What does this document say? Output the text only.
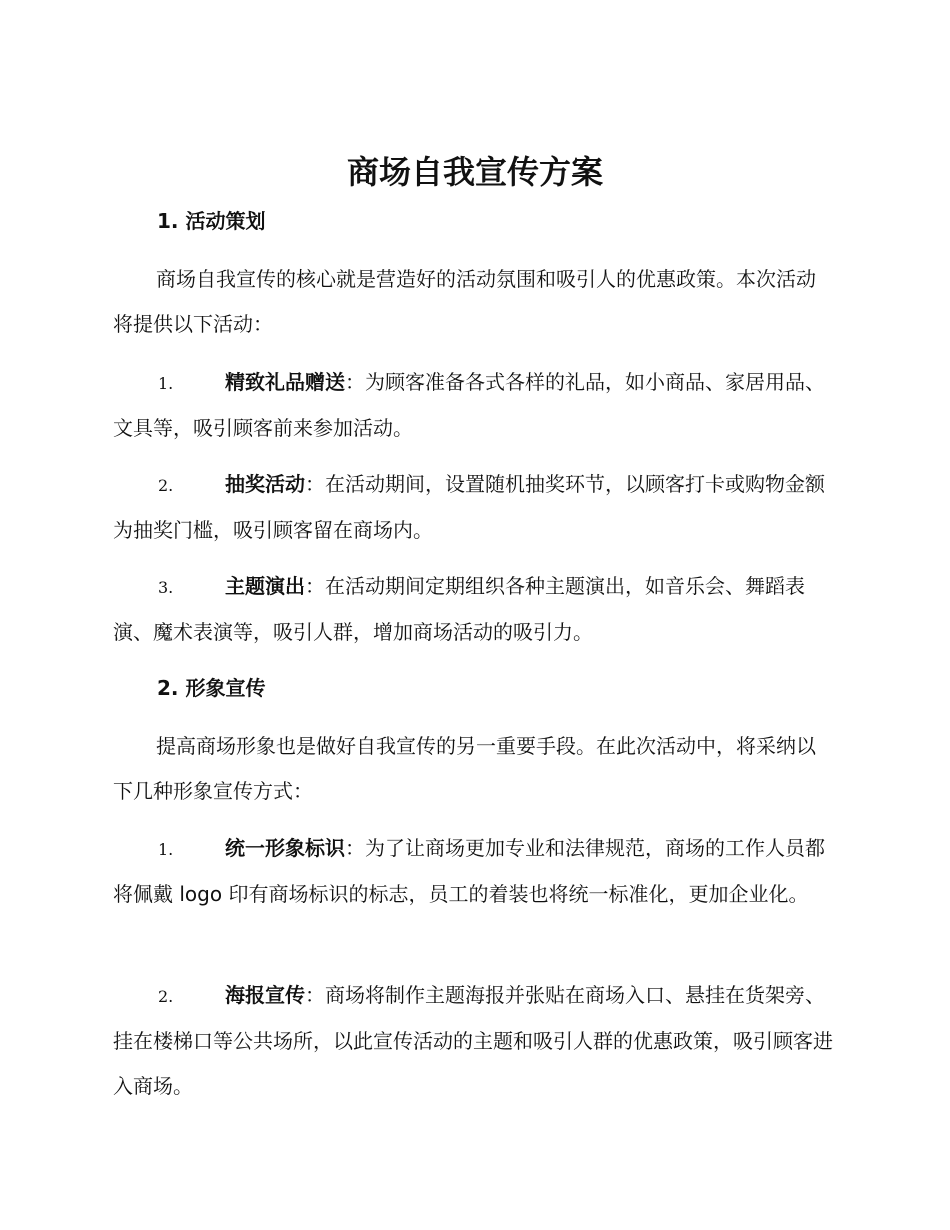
商场自我宣传方案
1. 活动策划

商场自我宣传的核心就是营造好的活动氛围和吸引人的优惠政策。本次活动将提供以下活动：

1.	精致礼品赠送：为顾客准备各式各样的礼品，如小商品、家居用品、文具等，吸引顾客前来参加活动。

2.	抽奖活动：在活动期间，设置随机抽奖环节，以顾客打卡或购物金额为抽奖门槛，吸引顾客留在商场内。

3.	主题演出：在活动期间定期组织各种主题演出，如音乐会、舞蹈表演、魔术表演等，吸引人群，增加商场活动的吸引力。

2. 形象宣传

提高商场形象也是做好自我宣传的另一重要手段。在此次活动中，将采纳以下几种形象宣传方式：

1.	统一形象标识：为了让商场更加专业和法律规范，商场的工作人员都将佩戴 logo 印有商场标识的标志，员工的着装也将统一标准化，更加企业化。

2.	海报宣传：商场将制作主题海报并张贴在商场入口、悬挂在货架旁、挂在楼梯口等公共场所，以此宣传活动的主题和吸引人群的优惠政策，吸引顾客进入商场。
